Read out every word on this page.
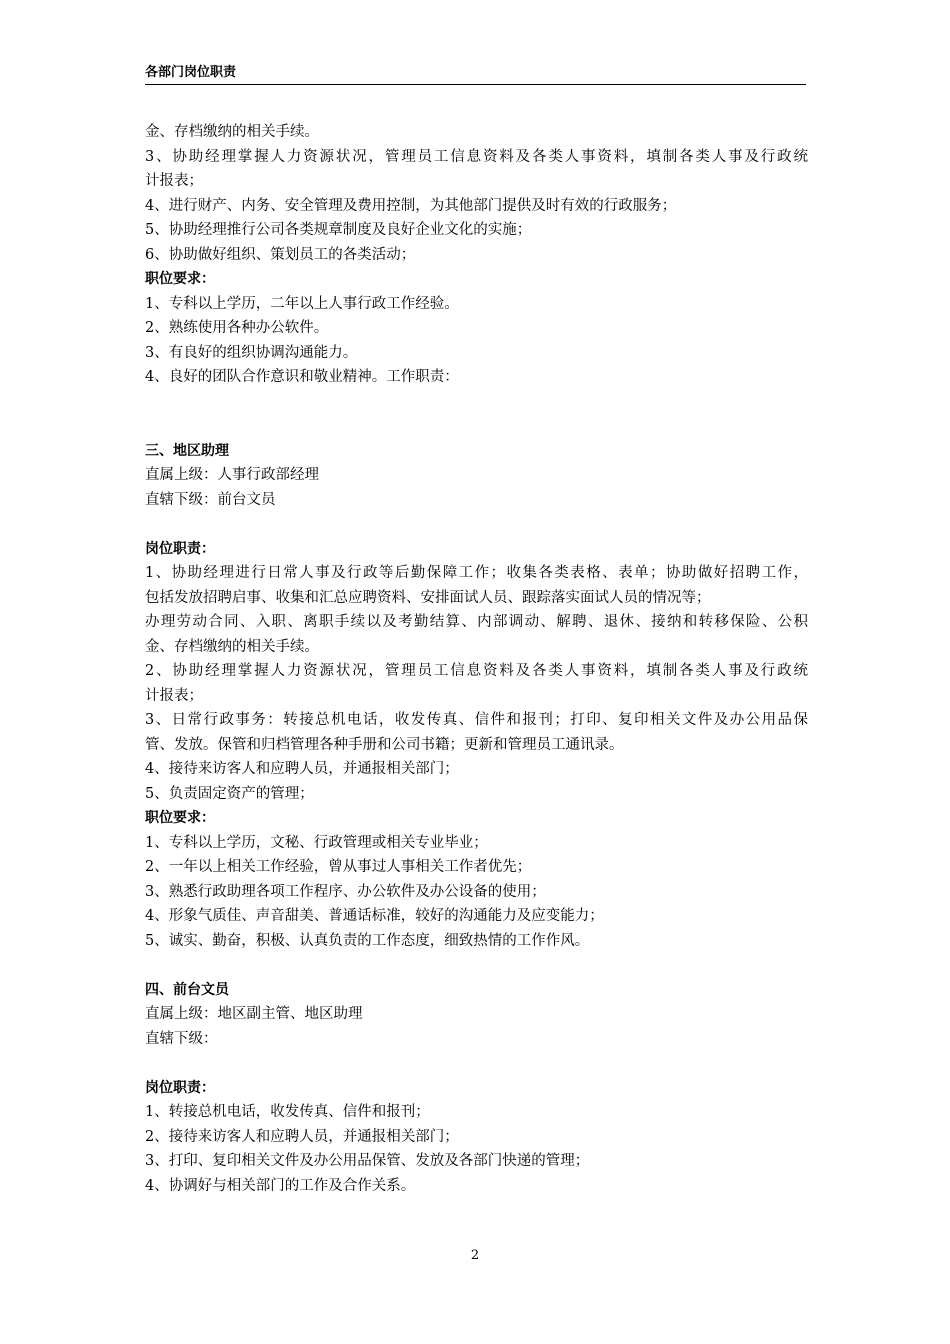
各部门岗位职责
金、存档缴纳的相关手续。
3、协助经理掌握人力资源状况，管理员工信息资料及各类人事资料，填制各类人事及行政统
计报表；
4、进行财产、内务、安全管理及费用控制，为其他部门提供及时有效的行政服务；
5、协助经理推行公司各类规章制度及良好企业文化的实施；
6、协助做好组织、策划员工的各类活动；
职位要求：
1、专科以上学历，二年以上人事行政工作经验。
2、熟练使用各种办公软件。
3、有良好的组织协调沟通能力。
4、良好的团队合作意识和敬业精神。工作职责：
三、地区助理
直属上级：人事行政部经理
直辖下级：前台文员
岗位职责：
1、协助经理进行日常人事及行政等后勤保障工作；收集各类表格、表单；协助做好招聘工作，
包括发放招聘启事、收集和汇总应聘资料、安排面试人员、跟踪落实面试人员的情况等；
办理劳动合同、入职、离职手续以及考勤结算、内部调动、解聘、退休、接纳和转移保险、公积
金、存档缴纳的相关手续。
2、协助经理掌握人力资源状况，管理员工信息资料及各类人事资料，填制各类人事及行政统
计报表；
3、日常行政事务：转接总机电话，收发传真、信件和报刊；打印、复印相关文件及办公用品保
管、发放。保管和归档管理各种手册和公司书籍；更新和管理员工通讯录。
4、接待来访客人和应聘人员，并通报相关部门；
5、负责固定资产的管理；
职位要求：
1、专科以上学历，文秘、行政管理或相关专业毕业；
2、一年以上相关工作经验，曾从事过人事相关工作者优先；
3、熟悉行政助理各项工作程序、办公软件及办公设备的使用；
4、形象气质佳、声音甜美、普通话标准，较好的沟通能力及应变能力；
5、诚实、勤奋，积极、认真负责的工作态度，细致热情的工作作风。
四、前台文员
直属上级：地区副主管、地区助理
直辖下级：
岗位职责：
1、转接总机电话，收发传真、信件和报刊；
2、接待来访客人和应聘人员，并通报相关部门；
3、打印、复印相关文件及办公用品保管、发放及各部门快递的管理；
4、协调好与相关部门的工作及合作关系。
2
